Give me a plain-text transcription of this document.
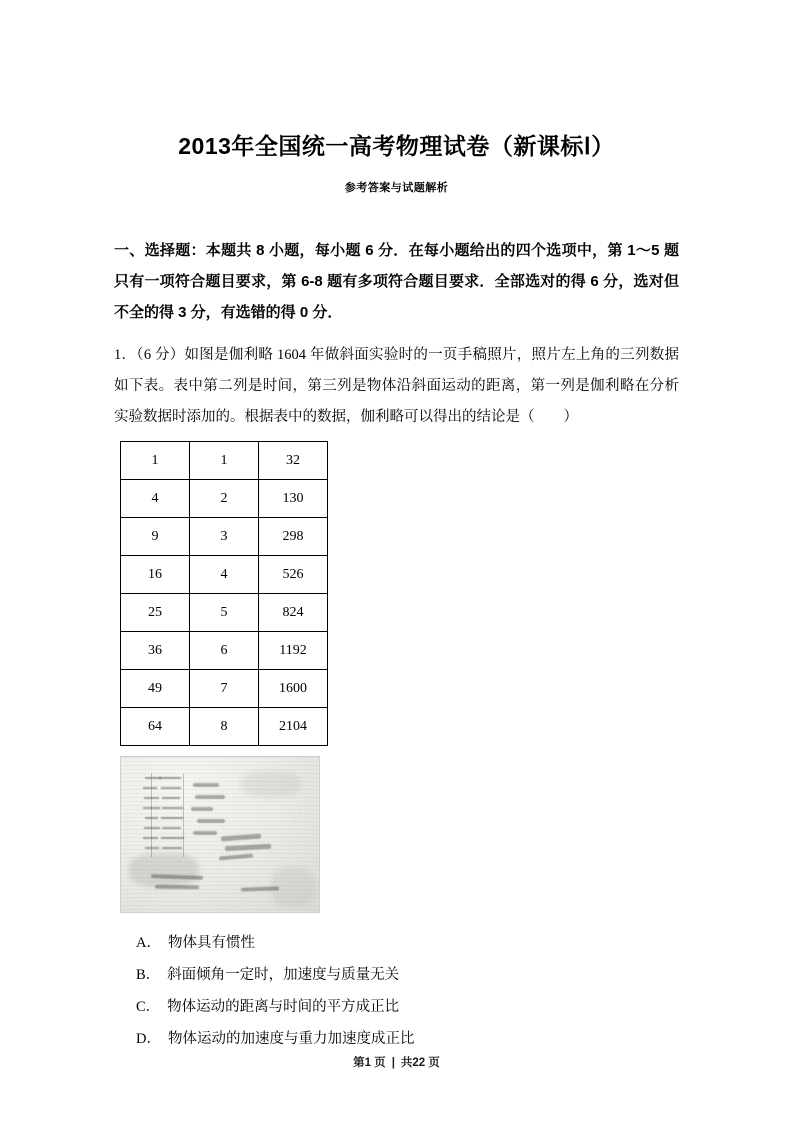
2013年全国统一高考物理试卷（新课标Ⅰ）
参考答案与试题解析
一、选择题：本题共 8 小题，每小题 6 分．在每小题给出的四个选项中，第 1～5 题只有一项符合题目要求，第 6-8 题有多项符合题目要求．全部选对的得 6 分，选对但不全的得 3 分，有选错的得 0 分．
1．（6 分）如图是伽利略 1604 年做斜面实验时的一页手稿照片，照片左上角的三列数据如下表。表中第二列是时间，第三列是物体沿斜面运动的距离，第一列是伽利略在分析实验数据时添加的。根据表中的数据，伽利略可以得出的结论是（　　）
1	1	32
4	2	130
9	3	298
16	4	526
25	5	824
36	6	1192
49	7	1600
64	8	2104
A． 物体具有惯性
B． 斜面倾角一定时，加速度与质量无关
C． 物体运动的距离与时间的平方成正比
D． 物体运动的加速度与重力加速度成正比
第1 页 | 共22 页
